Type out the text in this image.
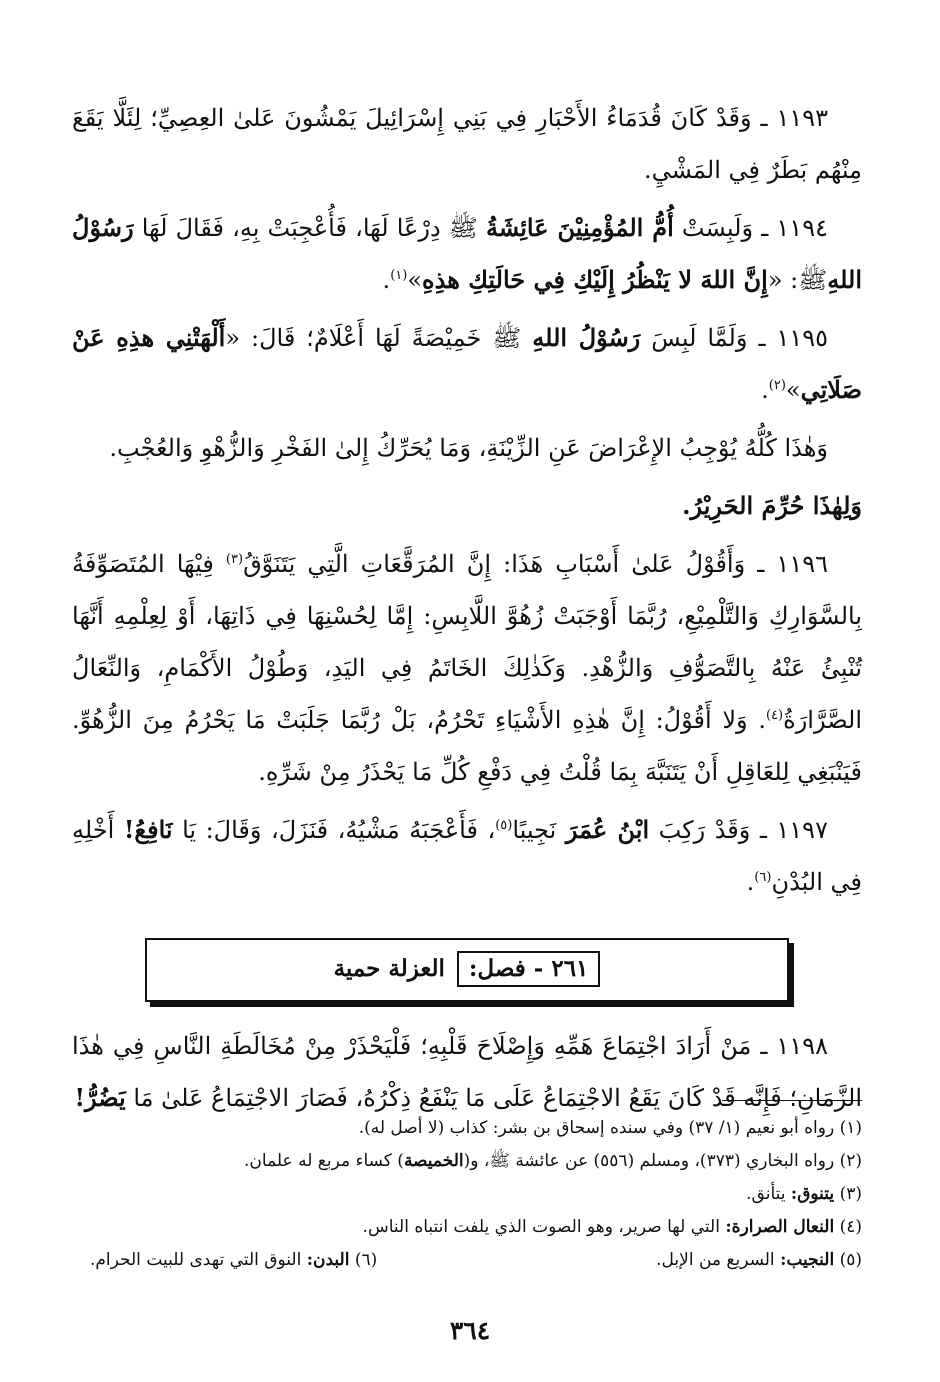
١١٩٣ ـ وَقَدْ كَانَ قُدَمَاءُ الأَحْبَارِ فِي بَنِي إِسْرَائِيلَ يَمْشُونَ عَلىٰ العِصِيِّ؛ لِئَلَّا يَقَعَ مِنْهُم بَطَرٌ فِي المَشْيِ.

١١٩٤ ـ وَلَبِسَتْ أُمُّ المُؤْمِنِيْنَ عَائِشَةُ ﷺ دِرْعًا لَهَا، فَأُعْجِبَتْ بِهِ، فَقَالَ لَهَا رَسُوْلُ اللهِﷺ: «إِنَّ اللهَ لا يَنْظُرُ إِلَيْكِ فِي حَالَتِكِ هذِهِ»$^{(١)}$.

١١٩٥ ـ وَلَمَّا لَبِسَ رَسُوْلُ اللهِ ﷺ خَمِيْصَةً لَهَا أَعْلَامٌ؛ قَالَ: «أَلْهَتْنِي هذِهِ عَنْ صَلَاتِي»$^{(٢)}$.

وَهٰذَا كُلُّهُ يُوْجِبُ الإِعْرَاضَ عَنِ الزِّيْنَةِ، وَمَا يُحَرِّكُ إِلىٰ الفَخْرِ وَالزُّهْوِ وَالعُجْبِ.

وَلِهٰذَا حُرِّمَ الحَرِيْرُ.

١١٩٦ ـ وَأَقُوْلُ عَلىٰ أَسْبَابِ هَذَا: إِنَّ المُرَقَّعَاتِ الَّتِي يَتَنَوَّقُ$^{(٣)}$ فِيْهَا المُتَصَوِّفَةُ بِالسَّوَارِكِ وَالتَّلْمِيْعِ، رُبَّمَا أَوْجَبَتْ زُهُوَّ اللَّابِسِ: إِمَّا لِحُسْنِهَا فِي ذَاتِهَا، أَوْ لِعِلْمِهِ أَنَّهَا تُنْبِئُ عَنْهُ بِالتَّصَوُّفِ وَالزُّهْدِ. وَكَذٰلِكَ الخَاتَمُ فِي اليَدِ، وَطُوْلُ الأَكْمَامِ، وَالنِّعَالُ الصَّرَّارَةُ$^{(٤)}$. وَلا أَقُوْلُ: إِنَّ هٰذِهِ الأَشْيَاءِ تَحْرُمُ، بَلْ رُبَّمَا جَلَبَتْ مَا يَحْرُمُ مِنَ الزُّهُوِّ. فَيَنْبَغِي لِلعَاقِلِ أَنْ يَتَنَبَّهَ بِمَا قُلْتُ فِي دَفْعِ كُلِّ مَا يَحْذَرُ مِنْ شَرِّهِ.

١١٩٧ ـ وَقَدْ رَكِبَ ابْنُ عُمَرَ نَجِيبًا$^{(٥)}$، فَأَعْجَبَهُ مَشْيُهُ، فَنَزَلَ، وَقَالَ: يَا نَافِعُ! أَخْلِهِ فِي البُدْنِ$^{(٦)}$.

٢٦١ - فصل: العزلة حمية

١١٩٨ ـ مَنْ أَرَادَ اجْتِمَاعَ هَمِّهِ وَإِصْلَاحَ قَلْبِهِ؛ فَلْيَحْذَرْ مِنْ مُخَالَطَةِ النَّاسِ فِي هٰذَا الزَّمَانِ؛ فَإِنَّه قَدْ كَانَ يَقَعُ الاجْتِمَاعُ عَلَى مَا يَنْفَعُ ذِكْرُهُ، فَصَارَ الاجْتِمَاعُ عَلىٰ مَا يَضُرُّ!

(١) رواه أبو نعيم (١/ ٣٧) وفي سنده إسحاق بن بشر: كذاب (لا أصل له).

(٢) رواه البخاري (٣٧٣)، ومسلم (٥٥٦) عن عائشة ﷺ، و(الخميصة) كساء مربع له علمان.

(٣) يتنوق: يتأنق.

(٤) النعال الصرارة: التي لها صرير، وهو الصوت الذي يلفت انتباه الناس.

(٥) النجيب: السريع من الإبل.
(٦) البدن: النوق التي تهدى للبيت الحرام.
٣٦٤
